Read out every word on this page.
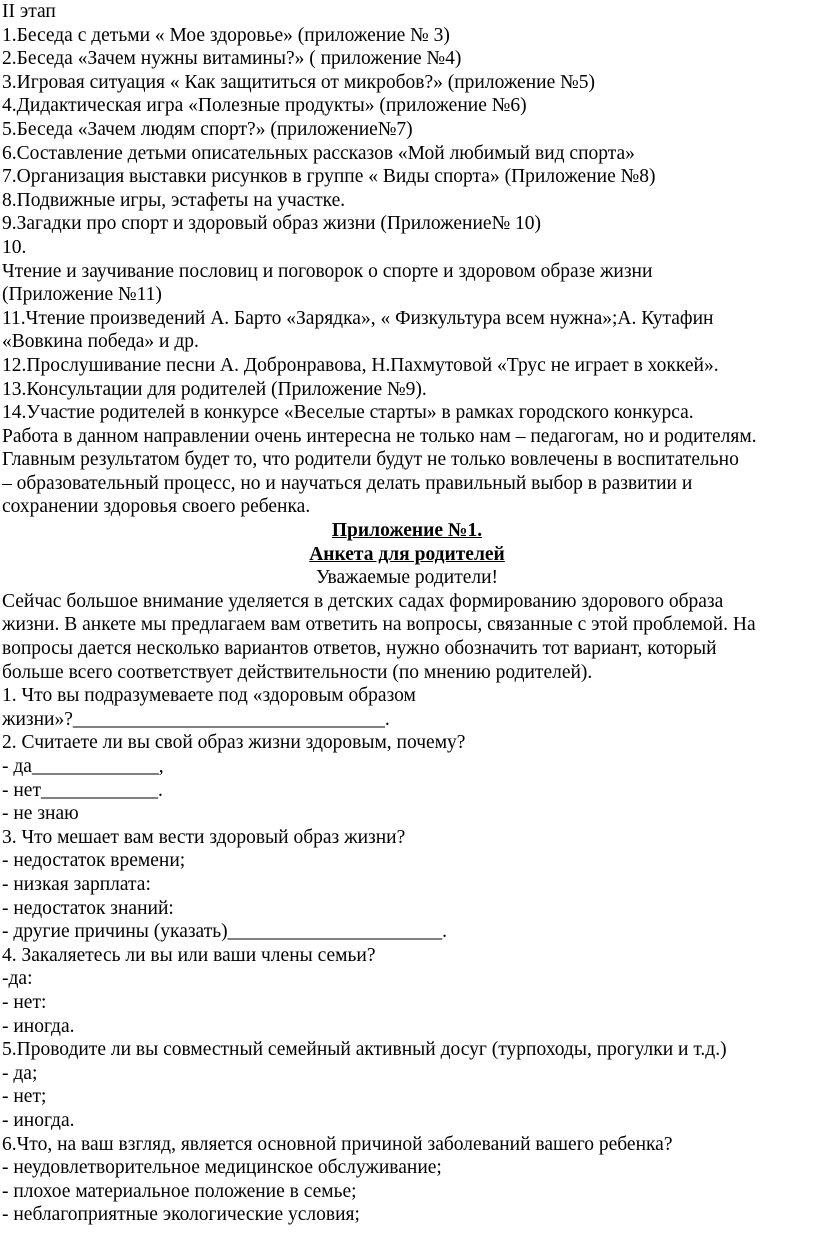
II этап
1.Беседа с детьми « Мое здоровье» (приложение № 3)
2.Беседа «Зачем нужны витамины?» ( приложение №4)
3.Игровая ситуация « Как защититься от микробов?» (приложение №5)
4.Дидактическая игра «Полезные продукты» (приложение №6)
5.Беседа «Зачем людям спорт?» (приложение№7)
6.Составление детьми описательных рассказов «Мой любимый вид спорта»
7.Организация выставки рисунков в группе « Виды спорта» (Приложение №8)
8.Подвижные игры, эстафеты на участке.
9.Загадки про спорт и здоровый образ жизни (Приложение№ 10)
10.
Чтение и заучивание пословиц и поговорок о спорте и здоровом образе жизни
(Приложение №11)
11.Чтение произведений А. Барто «Зарядка», « Физкультура всем нужна»;А. Кутафин
«Вовкина победа» и др.
12.Прослушивание песни А. Добронравова, Н.Пахмутовой «Трус не играет в хоккей».
13.Консультации для родителей (Приложение №9).
14.Участие родителей в конкурсе «Веселые старты» в рамках городского конкурса.
Работа в данном направлении очень интересна не только нам – педагогам, но и родителям.
Главным результатом будет то, что родители будут не только вовлечены в воспитательно
– образовательный процесс, но и научаться делать правильный выбор в развитии и
сохранении здоровья своего ребенка.
Приложение №1.
Анкета для родителей
Уважаемые родители!
Сейчас большое внимание уделяется в детских садах формированию здорового образа
жизни. В анкете мы предлагаем вам ответить на вопросы, связанные с этой проблемой. На
вопросы дается несколько вариантов ответов, нужно обозначить тот вариант, который
больше всего соответствует действительности (по мнению родителей).
1. Что вы подразумеваете под «здоровым образом
жизни»?________________________________.
2. Считаете ли вы свой образ жизни здоровым, почему?
- да_____________,
- нет____________.
- не знаю
3. Что мешает вам вести здоровый образ жизни?
- недостаток времени;
- низкая зарплата:
- недостаток знаний:
- другие причины (указать)______________________.
4. Закаляетесь ли вы или ваши члены семьи?
-да:
- нет:
- иногда.
5.Проводите ли вы совместный семейный активный досуг (турпоходы, прогулки и т.д.)
- да;
- нет;
- иногда.
6.Что, на ваш взгляд, является основной причиной заболеваний вашего ребенка?
- неудовлетворительное медицинское обслуживание;
- плохое материальное положение в семье;
- неблагоприятные экологические условия;
